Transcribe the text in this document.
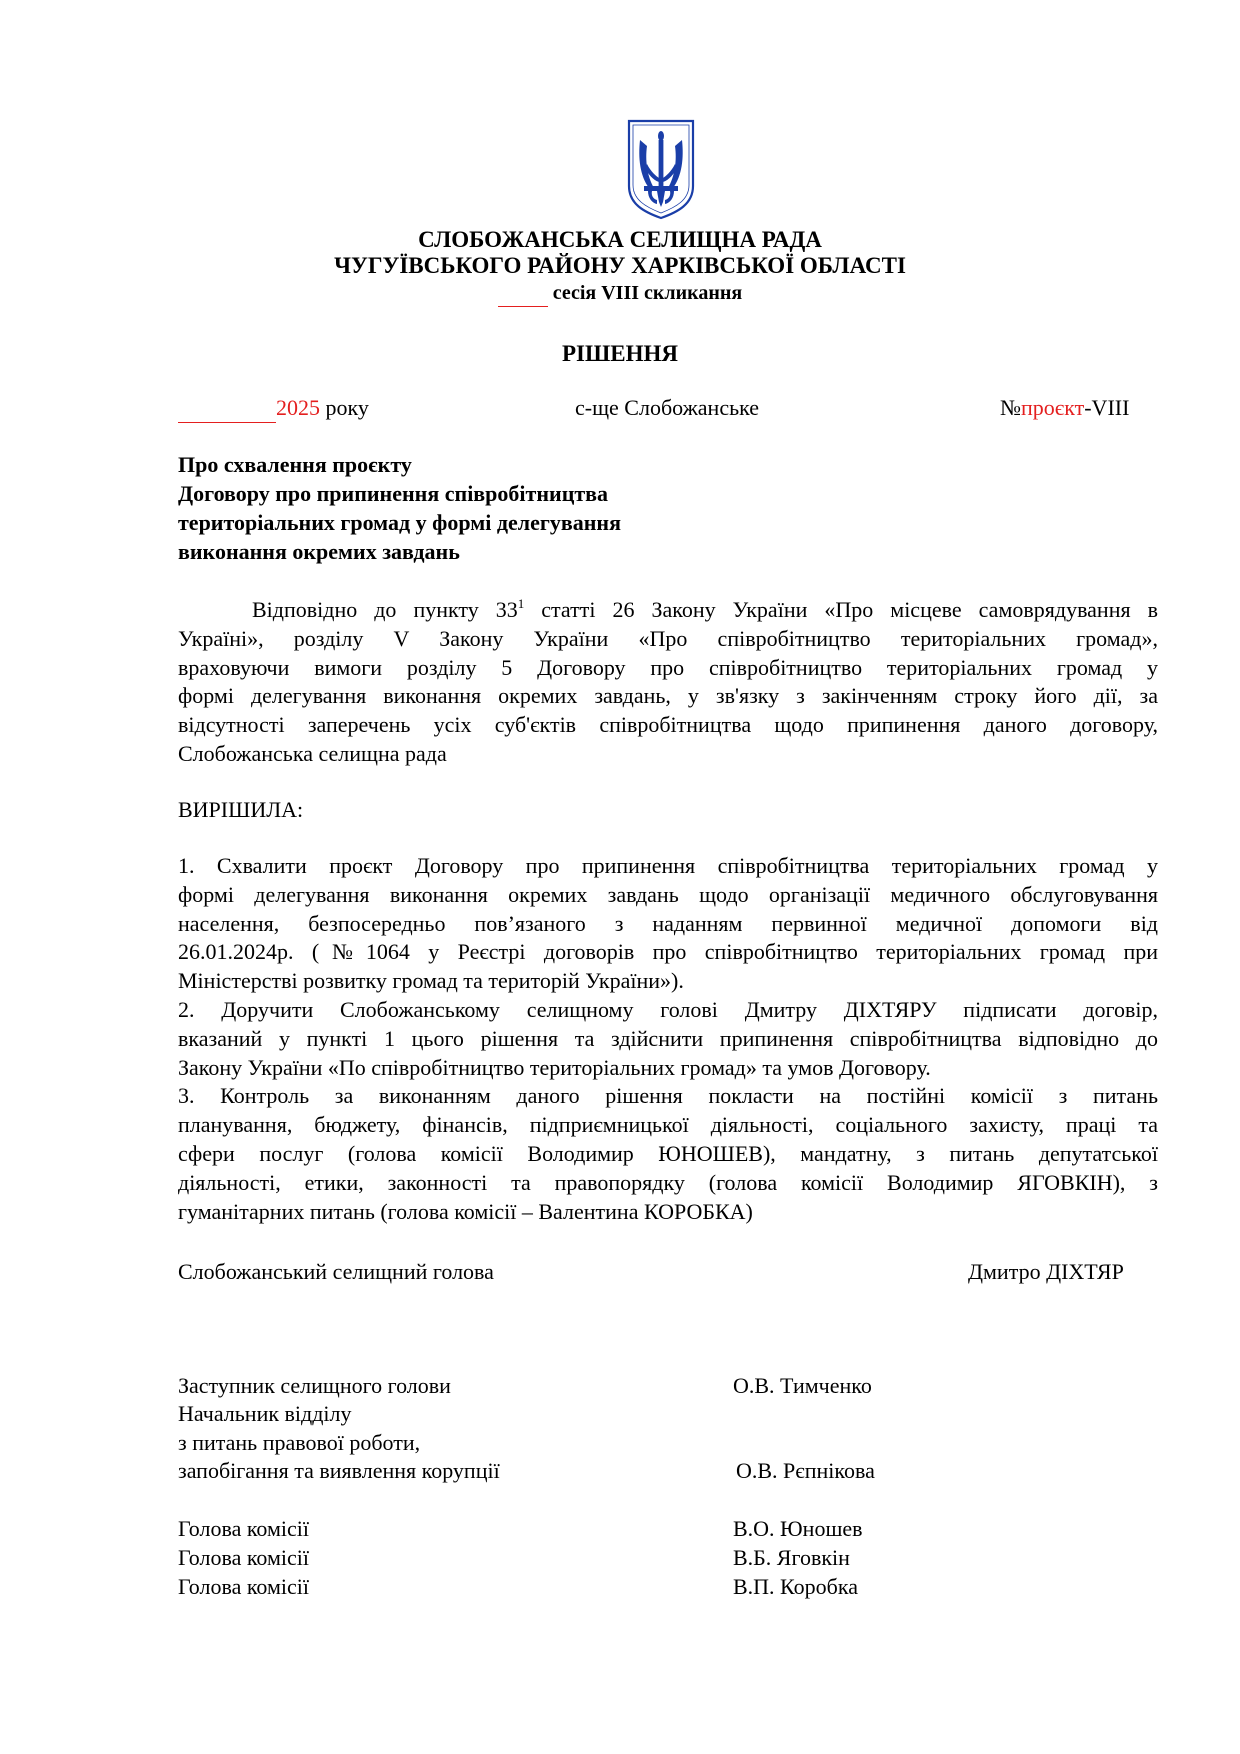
СЛОБОЖАНСЬКА СЕЛИЩНА РАДА
ЧУГУЇВСЬКОГО РАЙОНУ ХАРКІВСЬКОЇ ОБЛАСТІ
сесія VIII скликання
РІШЕННЯ
2025 року	с-ще Слобожанське	№проєкт-VIII
Про схвалення проєкту
Договору про припинення співробітництва
територіальних громад у формі делегування
виконання окремих завдань
Відповідно до пункту $33^1$ статті 26 Закону України «Про місцеве самоврядування в
Україні», розділу V Закону України «Про співробітництво територіальних громад»,
враховуючи вимоги розділу 5 Договору про співробітництво територіальних громад у
формі делегування виконання окремих завдань, у зв'язку з закінченням строку його дії, за
відсутності заперечень усіх суб'єктів співробітництва щодо припинення даного договору,
Слобожанська селищна рада
ВИРІШИЛА:
1. Схвалити проєкт Договору про припинення співробітництва територіальних громад у
формі делегування виконання окремих завдань щодо організації медичного обслуговування
населення, безпосередньо пов’язаного з наданням первинної медичної допомоги від
26.01.2024р. (№1064 у Реєстрі договорів про співробітництво територіальних громад при
Міністерстві розвитку громад та територій України»).
2. Доручити Слобожанському селищному голові Дмитру ДІХТЯРУ підписати договір,
вказаний у пункті 1 цього рішення та здійснити припинення співробітництва відповідно до
Закону України «По співробітництво територіальних громад» та умов Договору.
3. Контроль за виконанням даного рішення покласти на постійні комісії з питань
планування, бюджету, фінансів, підприємницької діяльності, соціального захисту, праці та
сфери послуг (голова комісії Володимир ЮНОШЕВ), мандатну, з питань депутатської
діяльності, етики, законності та правопорядку (голова комісії Володимир ЯГОВКІН), з
гуманітарних питань (голова комісії – Валентина КОРОБКА)
Слобожанський селищний голова	Дмитро ДІХТЯР
Заступник селищного голови	О.В. Тимченко
Начальник відділу
з питань правової роботи,
запобігання та виявлення корупції	О.В. Рєпнікова
Голова комісії	В.О. Юношев
Голова комісії	В.Б. Яговкін
Голова комісії	В.П. Коробка
